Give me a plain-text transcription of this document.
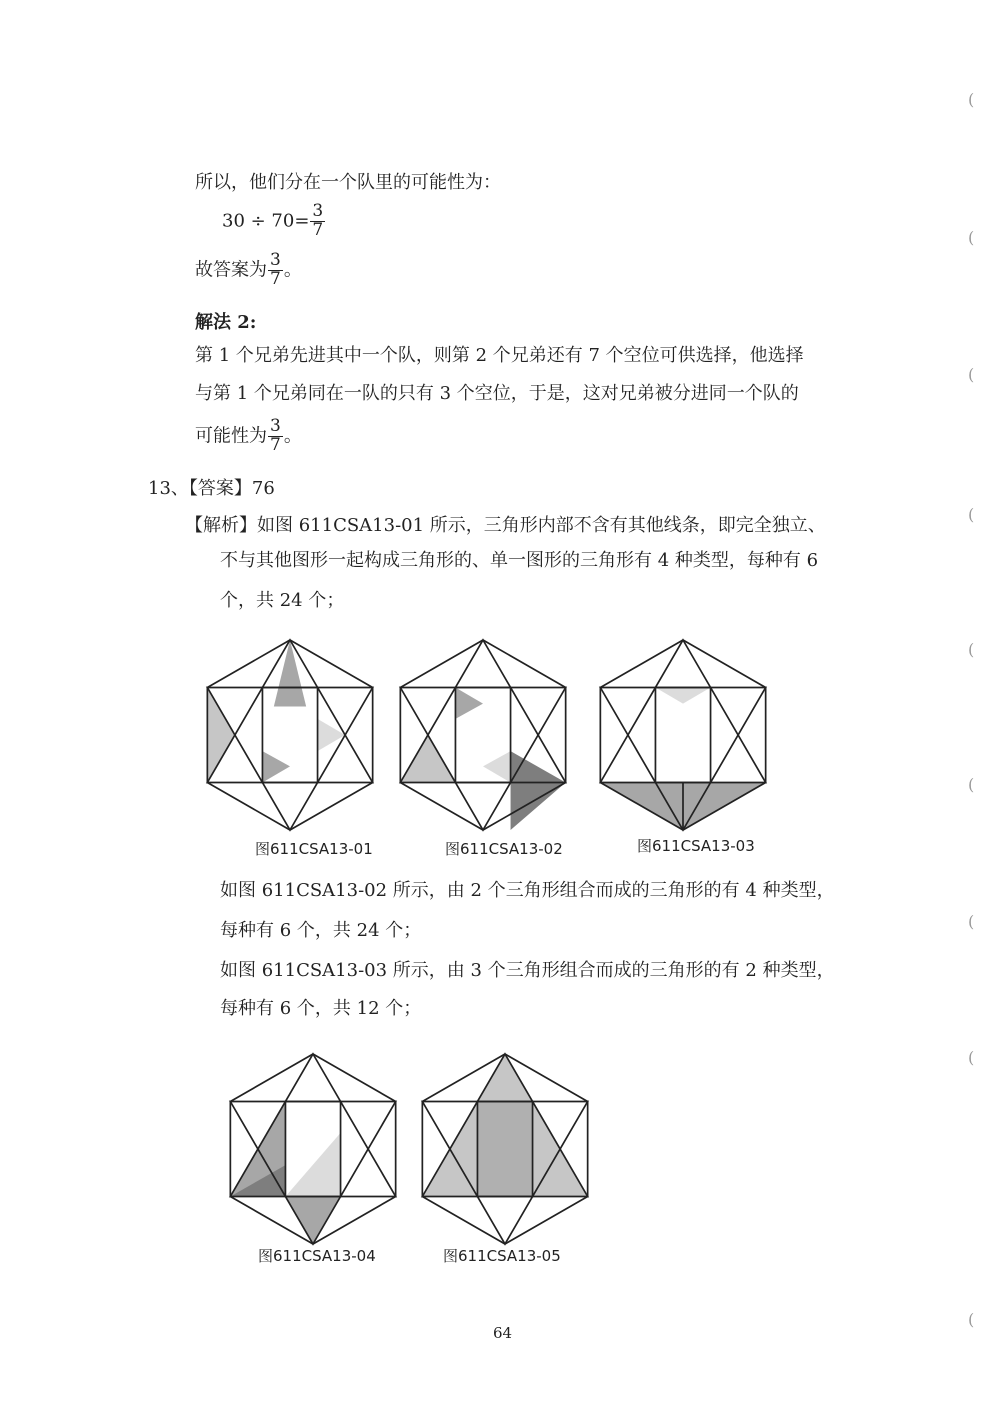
所以，他们分在一个队里的可能性为：
$30 \div 70= \frac{3}{7}$
故答案为 $\frac{3}{7}$ 。
解法 2:
第 1 个兄弟先进其中一个队，则第 2 个兄弟还有 7 个空位可供选择，他选择
与第 1 个兄弟同在一队的只有 3 个空位，于是，这对兄弟被分进同一个队的
可能性为 $\frac{3}{7}$ 。
13、【答案】76
【解析】如图 611CSA13-01 所示，三角形内部不含有其他线条，即完全独立、
不与其他图形一起构成三角形的、单一图形的三角形有 4 种类型，每种有 6
个，共 24 个；
图611CSA13-01	图611CSA13-02	图611CSA13-03
如图 611CSA13-02 所示，由 2 个三角形组合而成的三角形的有 4 种类型，
每种有 6 个，共 24 个；
如图 611CSA13-03 所示，由 3 个三角形组合而成的三角形的有 2 种类型，
每种有 6 个，共 12 个；
图611CSA13-04	图611CSA13-05
64
(
(
(
(
(
(
(
(
(
